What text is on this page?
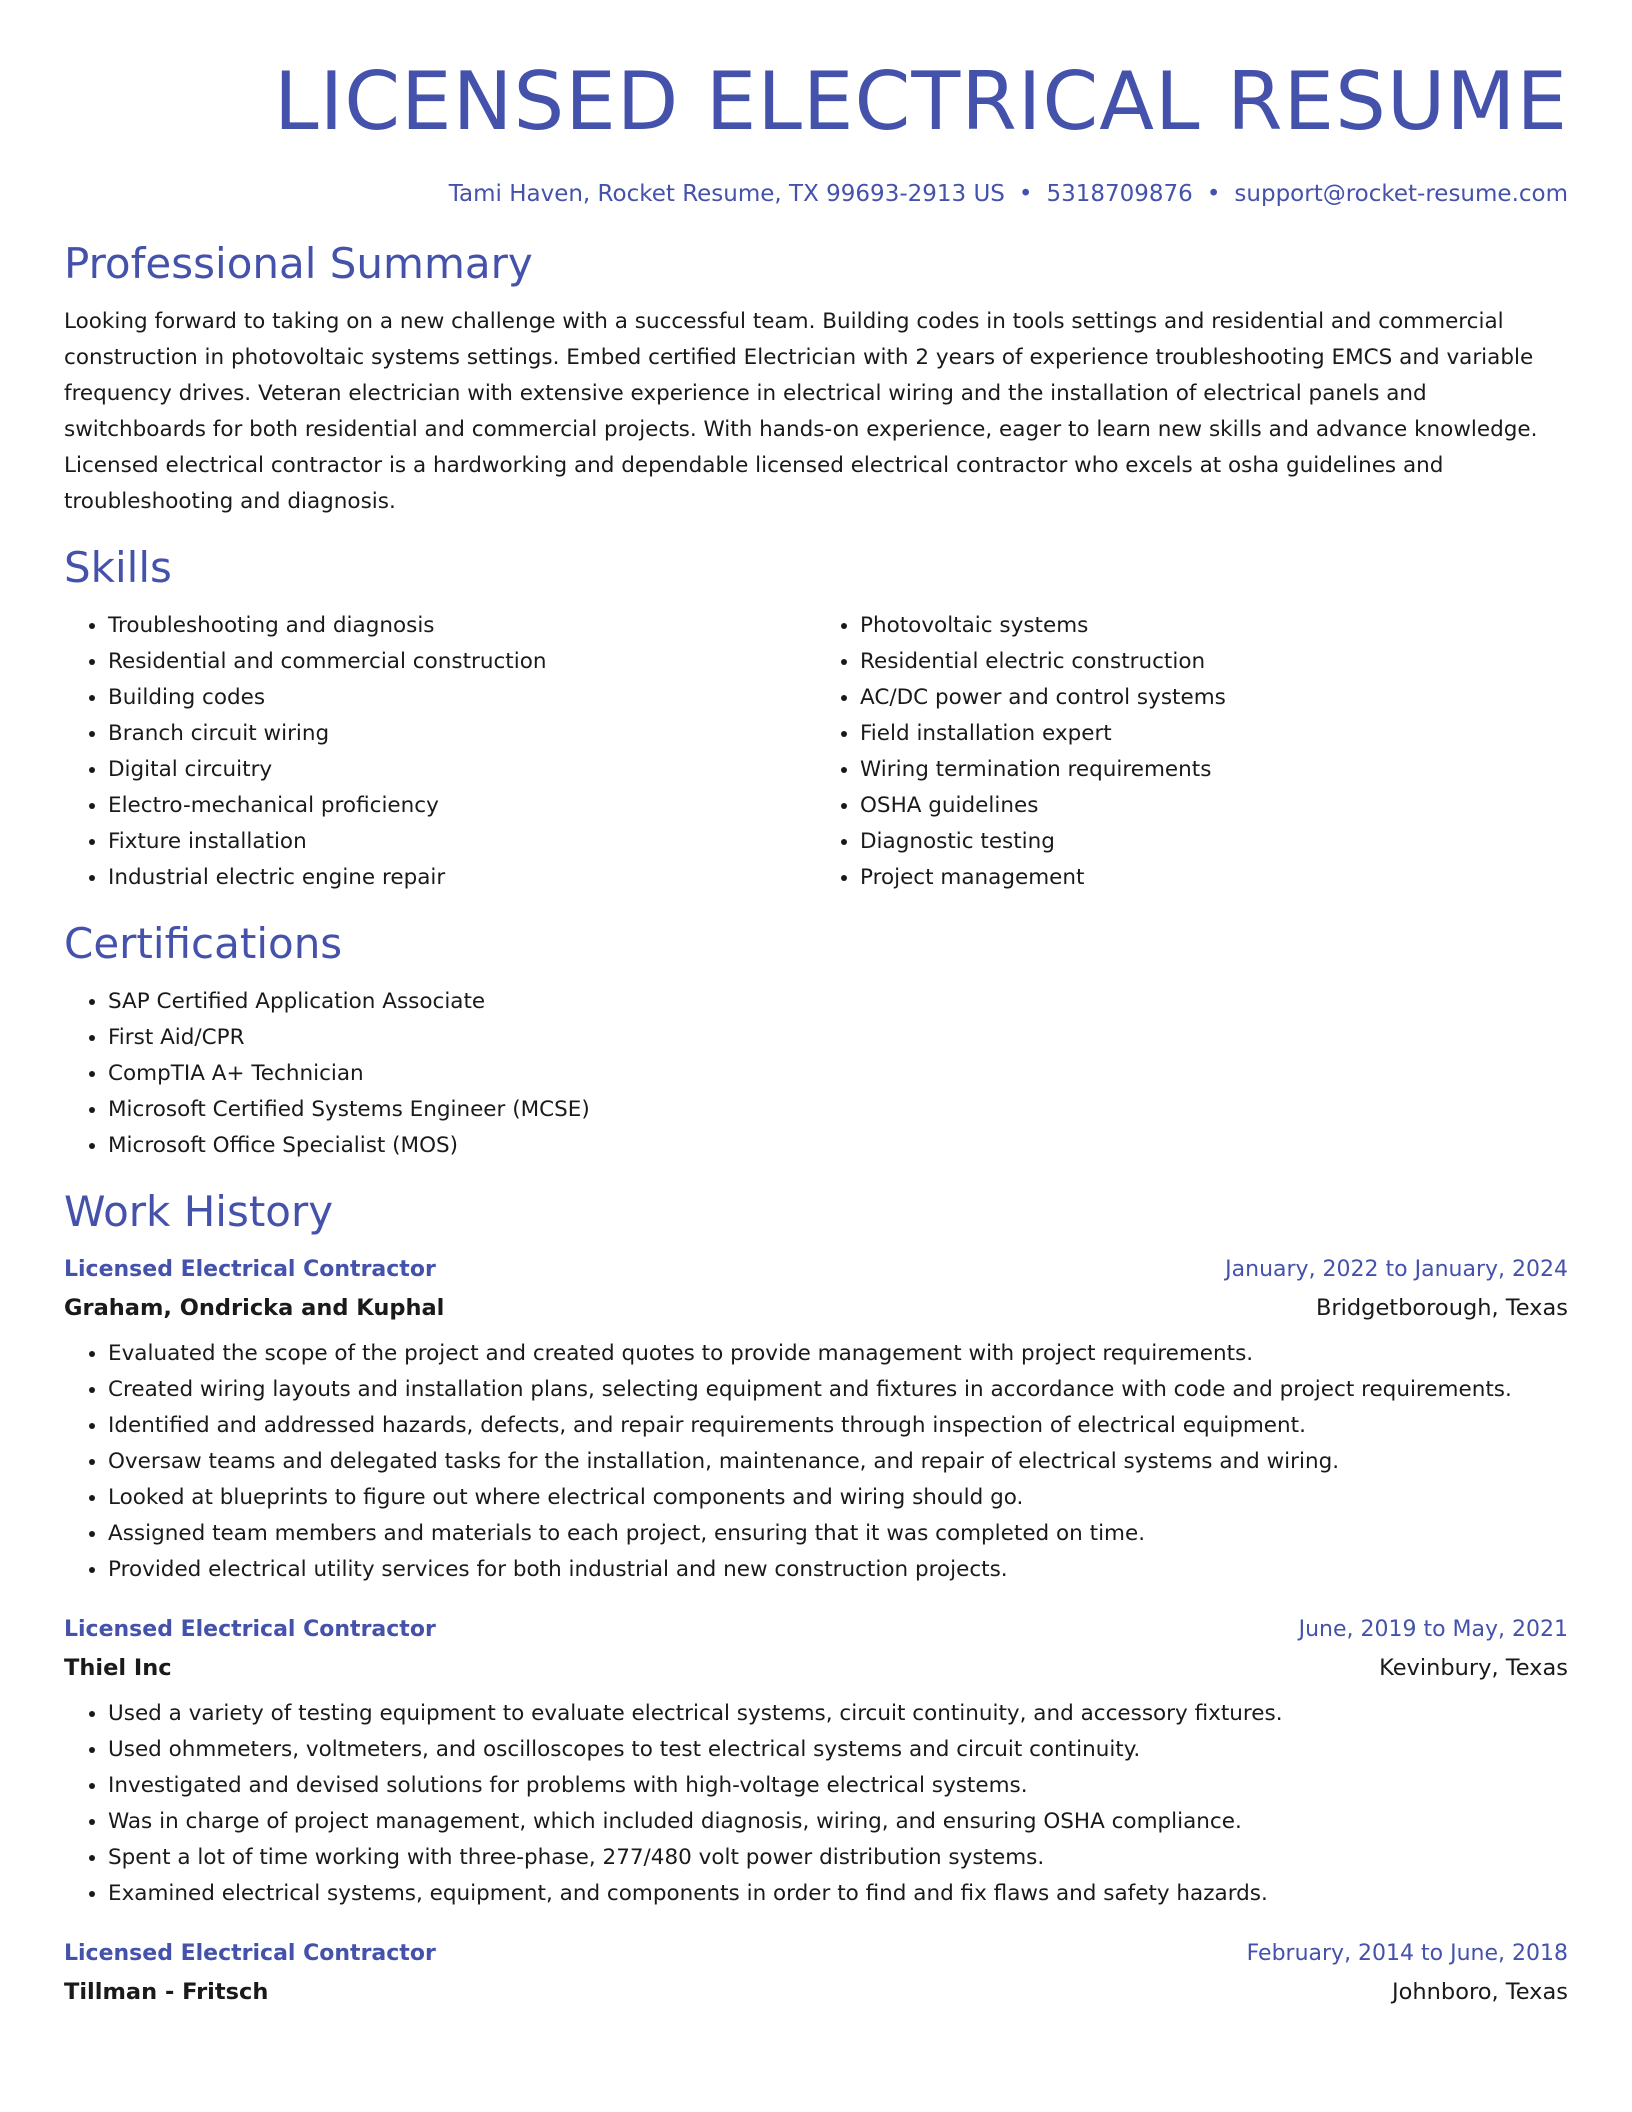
LICENSED ELECTRICAL RESUME
Tami Haven, Rocket Resume, TX 99693-2913 US • 5318709876 • support@rocket-resume.com
Professional Summary

Looking forward to taking on a new challenge with a successful team. Building codes in tools settings and residential and commercial construction in photovoltaic systems settings. Embed certified Electrician with 2 years of experience troubleshooting EMCS and variable frequency drives. Veteran electrician with extensive experience in electrical wiring and the installation of electrical panels and switchboards for both residential and commercial projects. With hands-on experience, eager to learn new skills and advance knowledge. Licensed electrical contractor is a hardworking and dependable licensed electrical contractor who excels at osha guidelines and troubleshooting and diagnosis.

Skills
• Troubleshooting and diagnosis
• Residential and commercial construction
• Building codes
• Branch circuit wiring
• Digital circuitry
• Electro-mechanical proficiency
• Fixture installation
• Industrial electric engine repair
• Photovoltaic systems
• Residential electric construction
• AC/DC power and control systems
• Field installation expert
• Wiring termination requirements
• OSHA guidelines
• Diagnostic testing
• Project management
Certifications
• SAP Certified Application Associate
• First Aid/CPR
• CompTIA A+ Technician
• Microsoft Certified Systems Engineer (MCSE)
• Microsoft Office Specialist (MOS)
Work History
Licensed Electrical Contractor	January, 2022 to January, 2024
Graham, Ondricka and Kuphal	Bridgetborough, Texas
• Evaluated the scope of the project and created quotes to provide management with project requirements.
• Created wiring layouts and installation plans, selecting equipment and fixtures in accordance with code and project requirements.
• Identified and addressed hazards, defects, and repair requirements through inspection of electrical equipment.
• Oversaw teams and delegated tasks for the installation, maintenance, and repair of electrical systems and wiring.
• Looked at blueprints to figure out where electrical components and wiring should go.
• Assigned team members and materials to each project, ensuring that it was completed on time.
• Provided electrical utility services for both industrial and new construction projects.
Licensed Electrical Contractor	June, 2019 to May, 2021
Thiel Inc	Kevinbury, Texas
• Used a variety of testing equipment to evaluate electrical systems, circuit continuity, and accessory fixtures.
• Used ohmmeters, voltmeters, and oscilloscopes to test electrical systems and circuit continuity.
• Investigated and devised solutions for problems with high-voltage electrical systems.
• Was in charge of project management, which included diagnosis, wiring, and ensuring OSHA compliance.
• Spent a lot of time working with three-phase, 277/480 volt power distribution systems.
• Examined electrical systems, equipment, and components in order to find and fix flaws and safety hazards.
Licensed Electrical Contractor	February, 2014 to June, 2018
Tillman - Fritsch	Johnboro, Texas
